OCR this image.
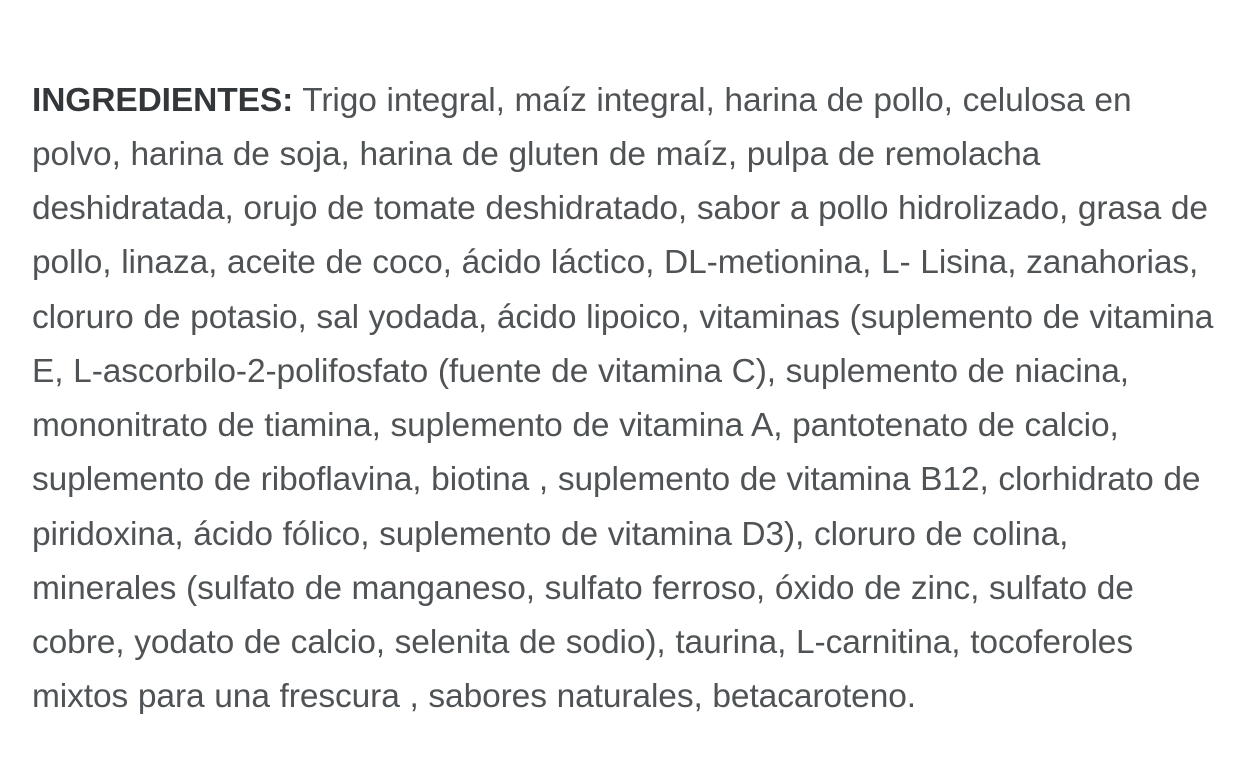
INGREDIENTES: Trigo integral, maíz integral, harina de pollo, celulosa en polvo, harina de soja, harina de gluten de maíz, pulpa de remolacha deshidratada, orujo de tomate deshidratado, sabor a pollo hidrolizado, grasa de pollo, linaza, aceite de coco, ácido láctico, DL-metionina, L- Lisina, zanahorias, cloruro de potasio, sal yodada, ácido lipoico, vitaminas (suplemento de vitamina E, L-ascorbilo-2-polifosfato (fuente de vitamina C), suplemento de niacina, mononitrato de tiamina, suplemento de vitamina A, pantotenato de calcio, suplemento de riboflavina, biotina , suplemento de vitamina B12, clorhidrato de piridoxina, ácido fólico, suplemento de vitamina D3), cloruro de colina, minerales (sulfato de manganeso, sulfato ferroso, óxido de zinc, sulfato de cobre, yodato de calcio, selenita de sodio), taurina, L-carnitina, tocoferoles mixtos para una frescura , sabores naturales, betacaroteno.
